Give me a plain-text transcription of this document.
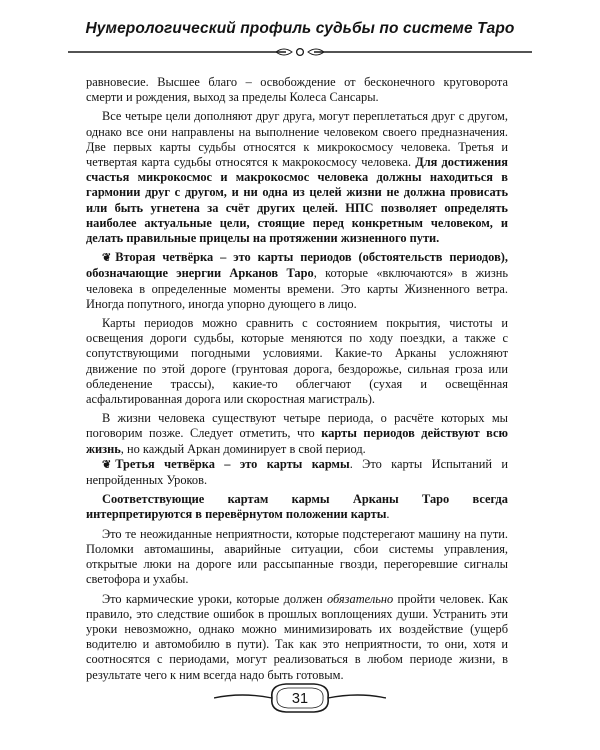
Нумерологический профиль судьбы по системе Таро

равновесие. Высшее благо – освобождение от бесконечного круговорота смерти и рождения, выход за пределы Колеса Сансары.

Все четыре цели дополняют друг друга, могут переплетаться друг с другом, однако все они направлены на выполнение человеком своего предназначения. Две первых карты судьбы относятся к микрокосмосу человека. Третья и четвертая карта судьбы относятся к макрокосмосу человека. Для достижения счастья микрокосмос и макрокосмос человека должны находиться в гармонии друг с другом, и ни одна из целей жизни не должна провисать или быть угнетена за счёт других целей. НПС позволяет определять наиболее актуальные цели, стоящие перед конкретным человеком, и делать правильные прицелы на протяжении жизненного пути.

❦ Вторая четвёрка – это карты периодов (обстоятельств периодов), обозначающие энергии Арканов Таро, которые «включаются» в жизнь человека в определенные моменты времени. Это карты Жизненного ветра. Иногда попутного, иногда упорно дующего в лицо.

Карты периодов можно сравнить с состоянием покрытия, чистоты и освещения дороги судьбы, которые меняются по ходу поездки, а также с сопутствующими погодными условиями. Какие-то Арканы усложняют движение по этой дороге (грунтовая дорога, бездорожье, сильная гроза или обледенение трассы), какие-то облегчают (сухая и освещённая асфальтированная дорога или скоростная магистраль).

В жизни человека существуют четыре периода, о расчёте которых мы поговорим позже. Следует отметить, что карты периодов действуют всю жизнь, но каждый Аркан доминирует в свой период.

❦ Третья четвёрка – это карты кармы. Это карты Испытаний и непройденных Уроков.

Соответствующие картам кармы Арканы Таро всегда интерпретируются в перевёрнутом положении карты.

Это те неожиданные неприятности, которые подстерегают машину на пути. Поломки автомашины, аварийные ситуации, сбои системы управления, открытые люки на дороге или рассыпанные гвозди, перегоревшие сигналы светофора и ухабы.

Это кармические уроки, которые должен обязательно пройти человек. Как правило, это следствие ошибок в прошлых воплощениях души. Устранить эти уроки невозможно, однако можно минимизировать их воздействие (ущерб водителю и автомобилю в пути). Так как это неприятности, то они, хотя и соотносятся с периодами, могут реализоваться в любом периоде жизни, в результате чего к ним всегда надо быть готовым.

31
